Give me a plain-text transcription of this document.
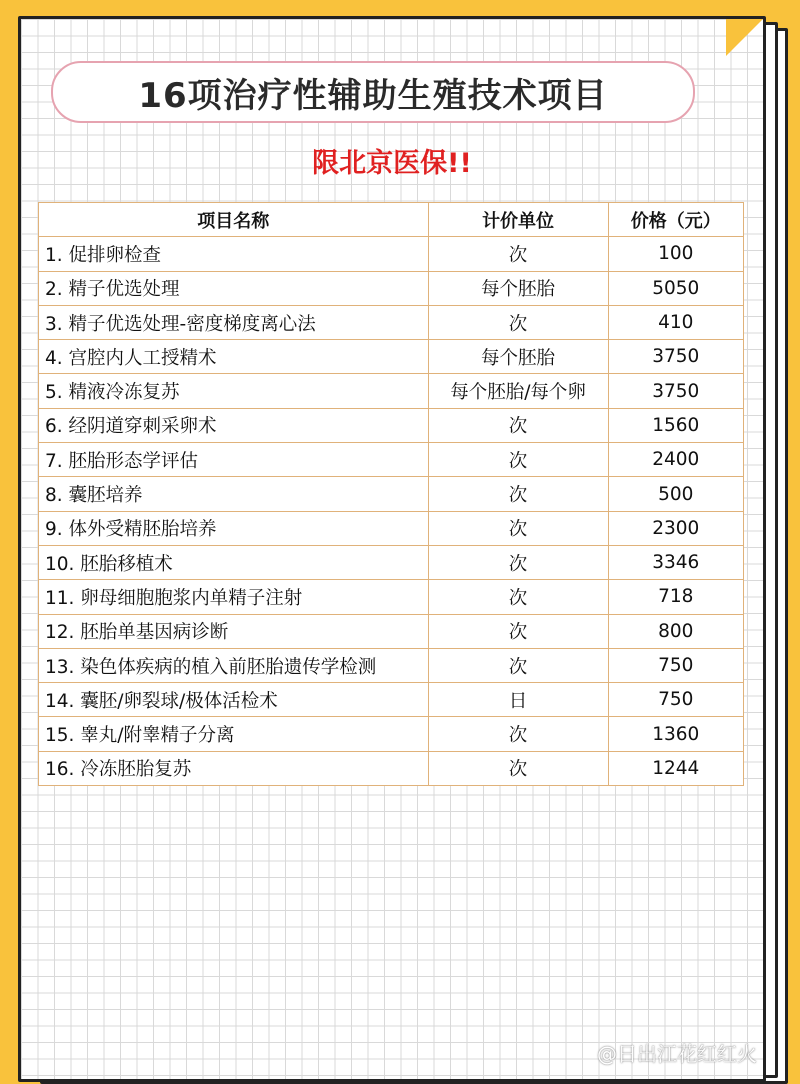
16项治疗性辅助生殖技术项目
限北京医保!!
项目名称	计价单位	价格（元）
1. 促排卵检查	次	100
2. 精子优选处理	每个胚胎	5050
3. 精子优选处理-密度梯度离心法	次	410
4. 宫腔内人工授精术	每个胚胎	3750
5. 精液冷冻复苏	每个胚胎/每个卵	3750
6. 经阴道穿刺采卵术	次	1560
7. 胚胎形态学评估	次	2400
8. 囊胚培养	次	500
9. 体外受精胚胎培养	次	2300
10. 胚胎移植术	次	3346
11. 卵母细胞胞浆内单精子注射	次	718
12. 胚胎单基因病诊断	次	800
13. 染色体疾病的植入前胚胎遗传学检测	次	750
14. 囊胚/卵裂球/极体活检术	日	750
15. 睾丸/附睾精子分离	次	1360
16. 冷冻胚胎复苏	次	1244
@日出江花红红火
